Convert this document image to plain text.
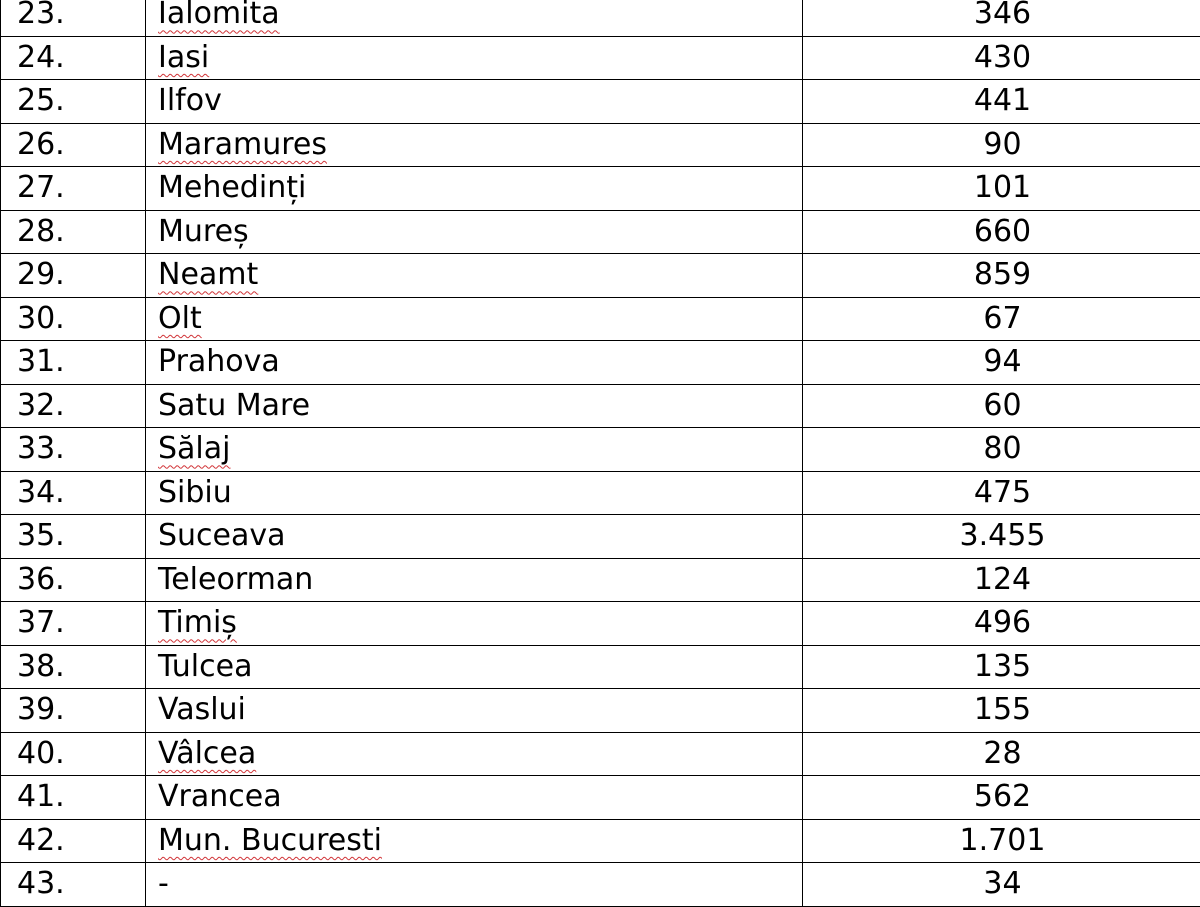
23.	Ialomita	346
24.	Iasi	430
25.	Ilfov	441
26.	Maramures	90
27.	Mehedinți	101
28.	Mureș	660
29.	Neamt	859
30.	Olt	67
31.	Prahova	94
32.	Satu Mare	60
33.	Sălaj	80
34.	Sibiu	475
35.	Suceava	3.455
36.	Teleorman	124
37.	Timiș	496
38.	Tulcea	135
39.	Vaslui	155
40.	Vâlcea	28
41.	Vrancea	562
42.	Mun. Bucuresti	1.701
43.	-	34
